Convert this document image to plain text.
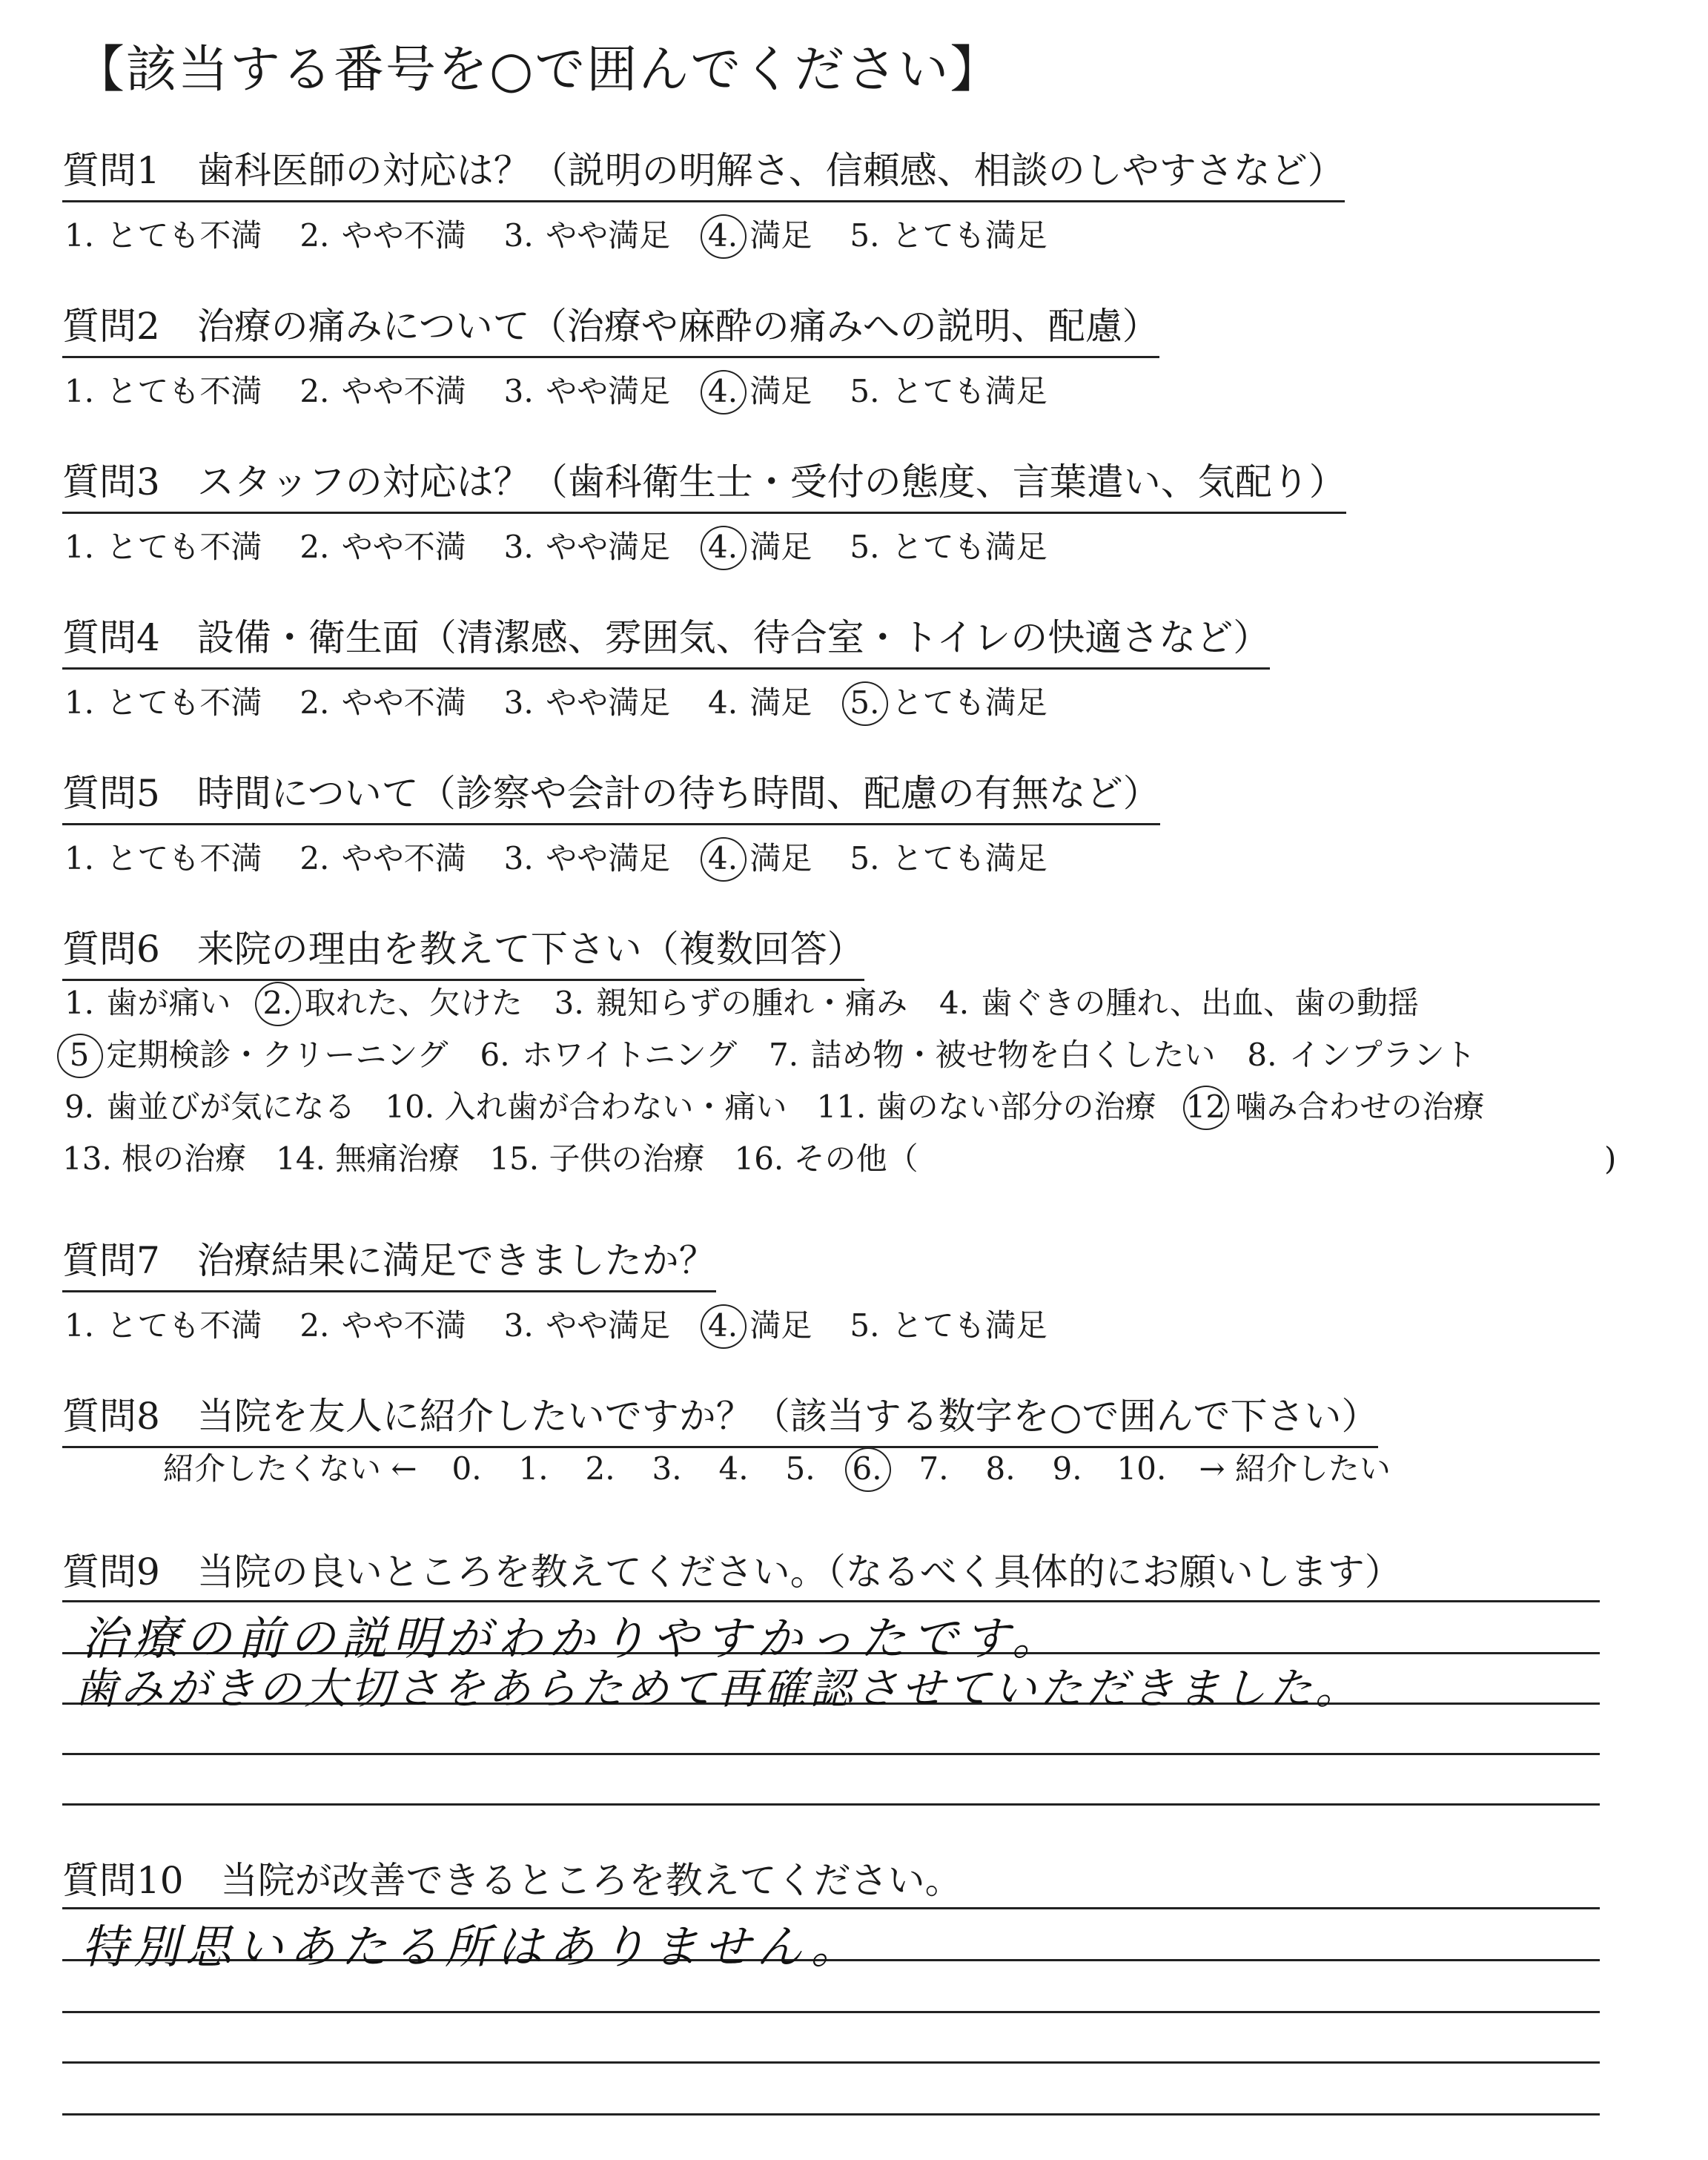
【該当する番号を○で囲んでください】
質問1　 歯科医師の対応は？（説明の明解さ、信頼感、相談のしやすさなど）
1. とても不満 2. やや不満 3. やや満足 4. 満足 5. とても満足
質問2　 治療の痛みについて（治療や麻酔の痛みへの説明、配慮）
1. とても不満 2. やや不満 3. やや満足 4. 満足 5. とても満足
質問3　 スタッフの対応は？（歯科衛生士・受付の態度、言葉遣い、気配り）
1. とても不満 2. やや不満 3. やや満足 4. 満足 5. とても満足
質問4　 設備・衛生面（清潔感、雰囲気、待合室・トイレの快適さなど）
1. とても不満 2. やや不満 3. やや満足 4. 満足 5. とても満足
質問5　 時間について（診察や会計の待ち時間、配慮の有無など）
1. とても不満 2. やや不満 3. やや満足 4. 満足 5. とても満足
質問6　 来院の理由を教えて下さい（複数回答）
1. 歯が痛い 2. 取れた、欠けた 3. 親知らずの腫れ・痛み 4. 歯ぐきの腫れ、出血、歯の動揺
5 定期検診・クリーニング 6. ホワイトニング 7. 詰め物・被せ物を白くしたい 8. インプラント
9. 歯並びが気になる 10. 入れ歯が合わない・痛い 11. 歯のない部分の治療 12 噛み合わせの治療
13. 根の治療 14. 無痛治療 15. 子供の治療 16. その他（	)
質問7　 治療結果に満足できましたか？
1. とても不満 2. やや不満 3. やや満足 4. 満足 5. とても満足
質問8　 当院を友人に紹介したいですか？（該当する数字を○で囲んで下さい）
紹介したくない ← 0. 1. 2. 3. 4. 5. 6. 7. 8. 9. 10. → 紹介したい
質問9　 当院の良いところを教えてください。（なるべく具体的にお願いします）
治療の前の説明がわかりやすかったです。
歯みがきの大切さをあらためて再確認させていただきました。
質問10　 当院が改善できるところを教えてください。
特別思いあたる所はありません。
